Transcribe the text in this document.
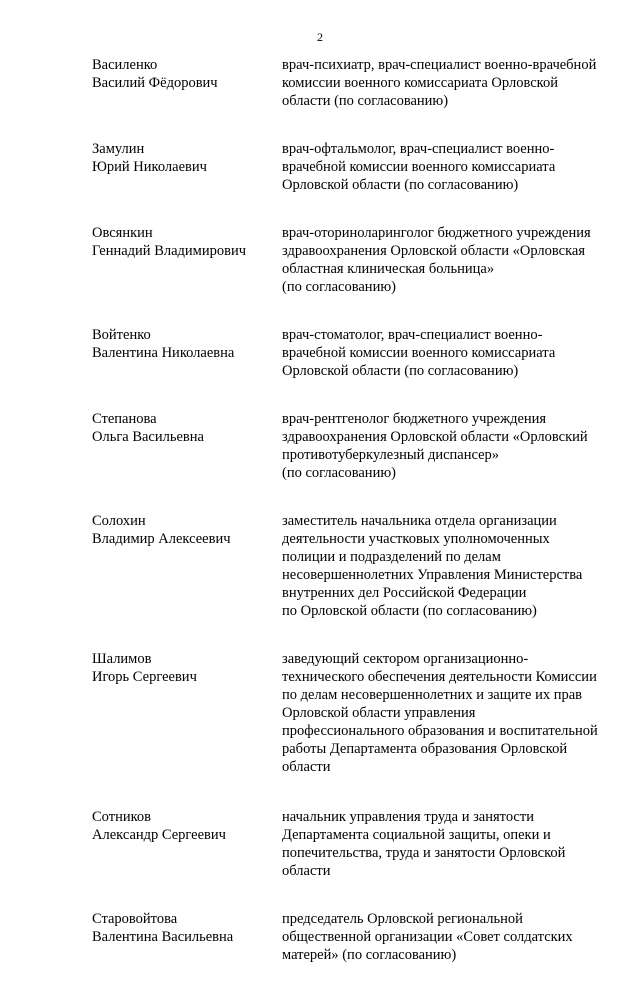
2
Василенко
Василий Фёдорович
врач-психиатр, врач-специалист военно-врачебной
комиссии военного комиссариата Орловской
области (по согласованию)
Замулин
Юрий Николаевич
врач-офтальмолог, врач-специалист военно-
врачебной комиссии военного комиссариата
Орловской области (по согласованию)
Овсянкин
Геннадий Владимирович
врач-оториноларинголог бюджетного учреждения
здравоохранения Орловской области «Орловская
областная клиническая больница»
(по согласованию)
Войтенко
Валентина Николаевна
врач-стоматолог, врач-специалист военно-
врачебной комиссии военного комиссариата
Орловской области (по согласованию)
Степанова
Ольга Васильевна
врач-рентгенолог бюджетного учреждения
здравоохранения Орловской области «Орловский
противотуберкулезный диспансер»
(по согласованию)
Солохин
Владимир Алексеевич
заместитель начальника отдела организации
деятельности участковых уполномоченных
полиции и подразделений по делам
несовершеннолетних Управления Министерства
внутренних дел Российской Федерации
по Орловской области (по согласованию)
Шалимов
Игорь Сергеевич
заведующий сектором организационно-
технического обеспечения деятельности Комиссии
по делам несовершеннолетних и защите их прав
Орловской области управления
профессионального образования и воспитательной
работы Департамента образования Орловской
области
Сотников
Александр Сергеевич
начальник управления труда и занятости
Департамента социальной защиты, опеки и
попечительства, труда и занятости Орловской
области
Старовойтова
Валентина Васильевна
председатель Орловской региональной
общественной организации «Совет солдатских
матерей» (по согласованию)
